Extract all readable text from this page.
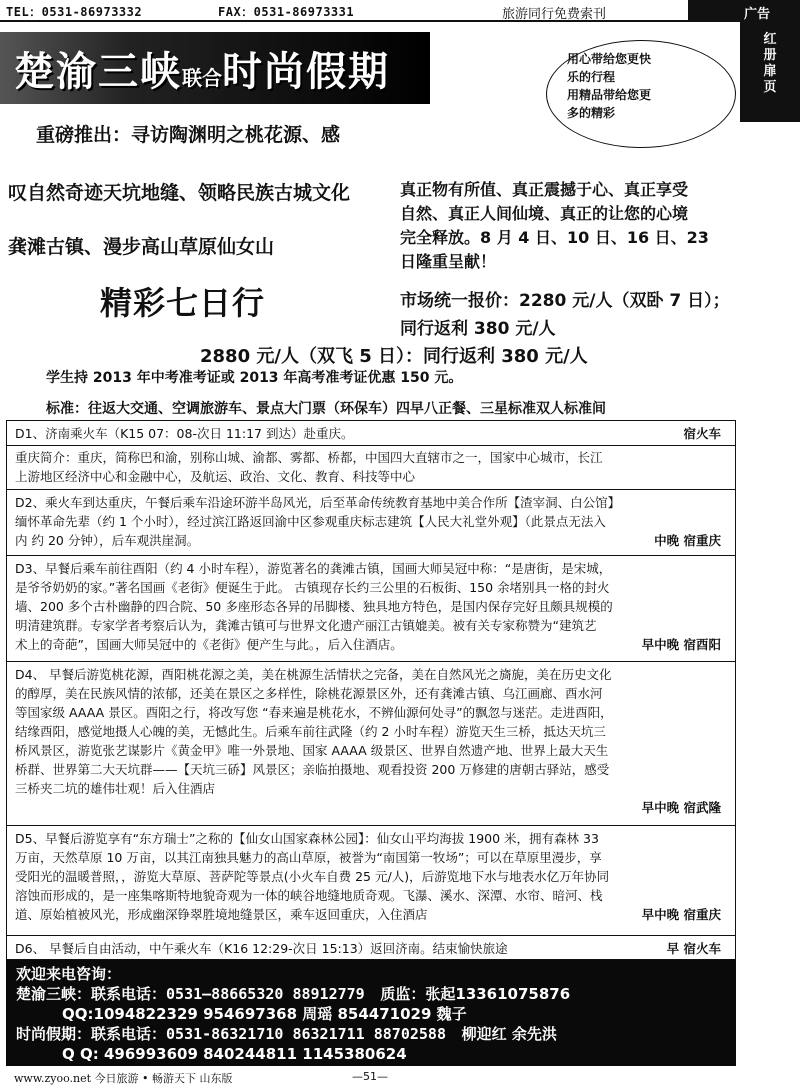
TEL：0531-86973332	FAX：0531-86973331	旅游同行免费索刊	广告
红
册
扉
页
楚渝三峡联合时尚假期	用心带给您更快
乐的行程
用精品带给您更
多的精彩
重磅推出：寻访陶渊明之桃花源、感
叹自然奇迹天坑地缝、领略民族古城文化
龚滩古镇、漫步高山草原仙女山
精彩七日行
真正物有所值、真正震撼于心、真正享受
自然、真正人间仙境、真正的让您的心境
完全释放。8 月 4 日、10 日、16 日、23
日隆重呈献！
市场统一报价：2280 元/人（双卧 7 日）；
同行返利 380 元/人
2880 元/人（双飞 5 日）：同行返利 380 元/人
学生持 2013 年中考准考证或 2013 年高考准考证优惠 150 元。
标准：往返大交通、空调旅游车、景点大门票（环保车）四早八正餐、三星标准双人标准间

D1、济南乘火车（K15 07：08-次日 11:17 到达）赴重庆。	宿火车

重庆简介：重庆，简称巴和渝，别称山城、渝都、雾都、桥都，中国四大直辖市之一，国家中心城市，长江

上游地区经济中心和金融中心，及航运、政治、文化、教育、科技等中心

D2、乘火车到达重庆，午餐后乘车沿途环游半岛风光，后至革命传统教育基地中美合作所【渣宰洞、白公馆】

缅怀革命先辈（约 1 个小时），经过滨江路返回渝中区参观重庆标志建筑【人民大礼堂外观】（此景点无法入

内 约 20 分钟），后车观洪崖洞。	中晚 宿重庆

D3、早餐后乘车前往酉阳（约 4 小时车程），游览著名的龚滩古镇，国画大师吴冠中称：“是唐街，是宋城，

是爷爷奶奶的家。”著名国画《老街》便诞生于此。 古镇现存长约三公里的石板街、150 余堵别具一格的封火

墙、200 多个古朴幽静的四合院、50 多座形态各异的吊脚楼、独具地方特色，是国内保存完好且颇具规模的

明清建筑群。专家学者考察后认为，龚滩古镇可与世界文化遗产丽江古镇媲美。被有关专家称赞为“建筑艺

术上的奇葩”，国画大师吴冠中的《老街》便产生与此。，后入住酒店。	早中晚 宿酉阳

D4、 早餐后游览桃花源，酉阳桃花源之美，美在桃源生活情状之完备，美在自然风光之旖旎，美在历史文化

的醇厚，美在民族风情的浓郁，还美在景区之多样性，除桃花源景区外，还有龚滩古镇、乌江画廊、酉水河

等国家级 AAAA 景区。酉阳之行，将改写您 “春来遍是桃花水，不辨仙源何处寻”的飘忽与迷茫。走进酉阳，

结缘酉阳，感觉地摄人心魄的美，无憾此生。后乘车前往武隆（约 2 小时车程）游览天生三桥，抵达天坑三

桥风景区，游览张艺谋影片《黄金甲》唯一外景地、国家 AAAA 级景区、世界自然遗产地、世界上最大天生

桥群、世界第二大天坑群——【天坑三硚】风景区；亲临拍摄地、观看投资 200 万修建的唐朝古驿站，感受

三桥夹二坑的雄伟壮观！后入住酒店

早中晚 宿武隆

D5、早餐后游览享有“东方瑞士”之称的【仙女山国家森林公园】：仙女山平均海拔 1900 米，拥有森林 33

万亩，天然草原 10 万亩，以其江南独具魅力的高山草原，被誉为“南国第一牧场”；可以在草原里漫步，享

受阳光的温暖普照，，游览大草原、菩萨陀等景点(小火车自费 25 元/人)，后游览地下水与地表水亿万年协同

溶蚀而形成的，是一座集喀斯特地貌奇观为一体的峡谷地缝地质奇观。飞瀑、溪水、深潭、水帘、暗河、栈

道、原始植被风光，形成幽深铮翠胜境地缝景区，乘车返回重庆，入住酒店	早中晚 宿重庆

D6、 早餐后自由活动，中午乘火车（K16 12:29-次日 15:13）返回济南。结束愉快旅途	早 宿火车
欢迎来电咨询：
楚渝三峡：联系电话：0531—88665320 88912779 质监：张起13361075876
QQ:1094822329 954697368 周瑶 854471029 魏子
时尚假期：联系电话：0531-86321710 86321711 88702588 柳迎红 余先洪
Q Q: 496993609 840244811 1145380624
www.zyoo.net 今日旅游 • 畅游天下 山东版	—51—
